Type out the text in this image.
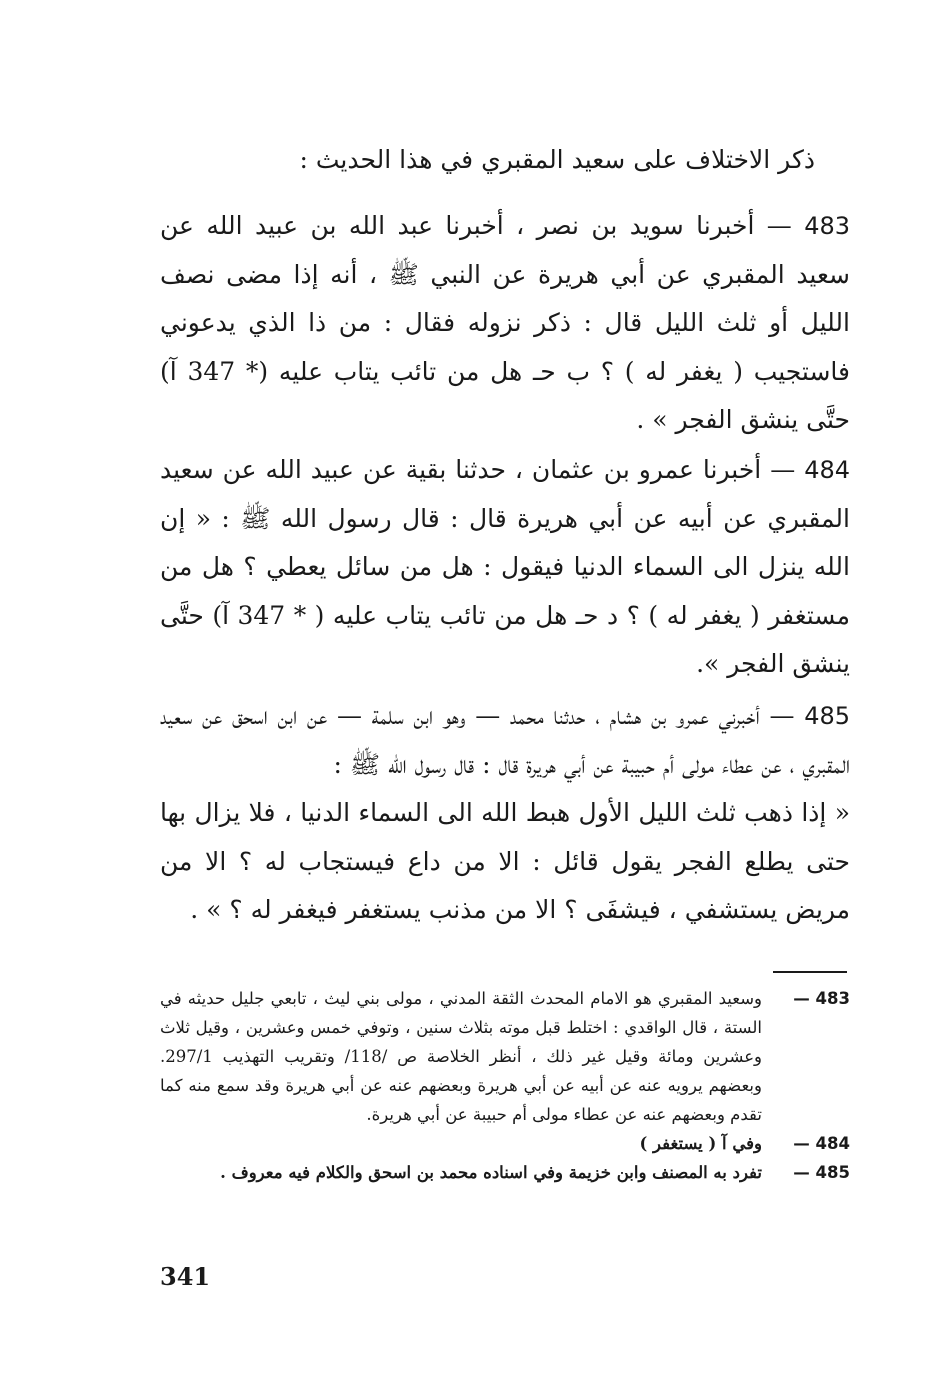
ذكر الاختلاف على سعيد المقبري في هذا الحديث :

483 — أخبرنا سويد بن نصر ، أخبرنا عبد الله بن عبيد الله عن سعيد المقبري عن أبي هريرة عن النبي ﷺ ، أنه إذا مضى نصف الليل أو ثلث الليل قال : ذكر نزوله فقال : من ذا الذي يدعوني فاستجيب ( يغفر له ) ؟ ب حـ هل من تائب يتاب عليه (* 347 آ) حتَّى ينشق الفجر » .

484 — أخبرنا عمرو بن عثمان ، حدثنا بقية عن عبيد الله عن سعيد المقبري عن أبيه عن أبي هريرة قال : قال رسول الله ﷺ : « إن الله ينزل الى السماء الدنيا فيقول : هل من سائل يعطي ؟ هل من مستغفر ( يغفر له ) ؟ د حـ هل من تائب يتاب عليه ( * 347 آ) حتَّى ينشق الفجر ».

485 — أخبرني عمرو بن هشام ، حدثنا محمد — وهو ابن سلمة — عن ابن اسحق عن سعيد المقبري ، عن عطاء مولى أم حبيبة عن أبي هريرة قال : قال رسول الله ﷺ :

« إذا ذهب ثلث الليل الأول هبط الله الى السماء الدنيا ، فلا يزال بها حتى يطلع الفجر يقول قائل : الا من داع فيستجاب له ؟ الا من مريض يستشفي ، فيشفَى ؟ الا من مذنب يستغفر فيغفر له ؟ » .

483 —
وسعيد المقبري هو الامام المحدث الثقة المدني ، مولى بني ليث ، تابعي جليل حديثه في الستة ، قال الواقدي : اختلط قبل موته بثلاث سنين ، وتوفي خمس وعشرين ، وقيل ثلاث وعشرين ومائة وقيل غير ذلك ، أنظر الخلاصة ص /118/ وتقريب التهذيب 297/1. وبعضهم يرويه عنه عن أبيه عن أبي هريرة وبعضهم عنه عن أبي هريرة وقد سمع منه كما تقدم وبعضهم عنه عن عطاء مولى أم حبيبة عن أبي هريرة.
484 —
وفي آ ( يستغفر )
485 —
تفرد به المصنف وابن خزيمة وفي اسناده محمد بن اسحق والكلام فيه معروف .
341
